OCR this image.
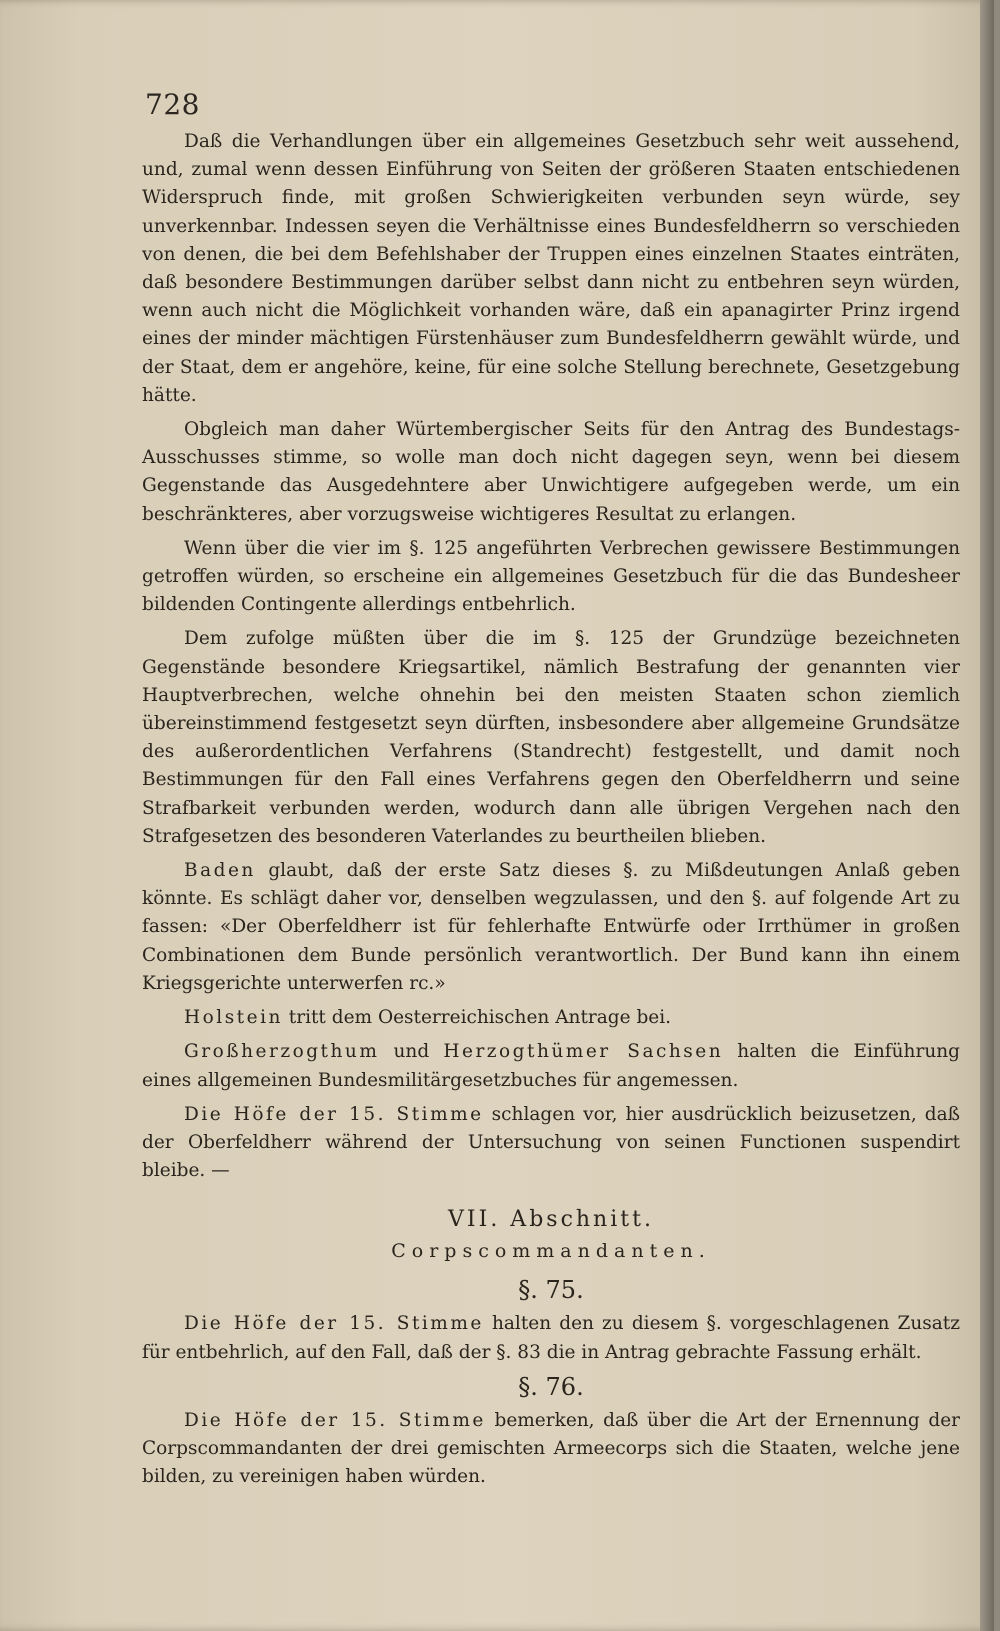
728

Daß die Verhandlungen über ein allgemeines Gesetzbuch sehr weit aussehend, und, zumal wenn dessen Einführung von Seiten der größeren Staaten entschiedenen Widerspruch finde, mit großen Schwierigkeiten verbunden seyn würde, sey unverkennbar. Indessen seyen die Verhältnisse eines Bundesfeldherrn so verschieden von denen, die bei dem Befehlshaber der Truppen eines einzelnen Staates einträten, daß besondere Bestimmungen darüber selbst dann nicht zu entbehren seyn würden, wenn auch nicht die Möglichkeit vorhanden wäre, daß ein apanagirter Prinz irgend eines der minder mächtigen Fürstenhäuser zum Bundesfeldherrn gewählt würde, und der Staat, dem er angehöre, keine, für eine solche Stellung berechnete, Gesetzgebung hätte.

Obgleich man daher Würtembergischer Seits für den Antrag des Bundestags-Ausschusses stimme, so wolle man doch nicht dagegen seyn, wenn bei diesem Gegenstande das Ausgedehntere aber Unwichtigere aufgegeben werde, um ein beschränkteres, aber vorzugsweise wichtigeres Resultat zu erlangen.

Wenn über die vier im §. 125 angeführten Verbrechen gewissere Bestimmungen getroffen würden, so erscheine ein allgemeines Gesetzbuch für die das Bundesheer bildenden Contingente allerdings entbehrlich.

Dem zufolge müßten über die im §. 125 der Grundzüge bezeichneten Gegenstände besondere Kriegsartikel, nämlich Bestrafung der genannten vier Hauptverbrechen, welche ohnehin bei den meisten Staaten schon ziemlich übereinstimmend festgesetzt seyn dürften, insbesondere aber allgemeine Grundsätze des außerordentlichen Verfahrens (Standrecht) festgestellt, und damit noch Bestimmungen für den Fall eines Verfahrens gegen den Oberfeldherrn und seine Strafbarkeit verbunden werden, wodurch dann alle übrigen Vergehen nach den Strafgesetzen des besonderen Vaterlandes zu beurtheilen blieben.

Baden glaubt, daß der erste Satz dieses §. zu Mißdeutungen Anlaß geben könnte. Es schlägt daher vor, denselben wegzulassen, und den §. auf folgende Art zu fassen: «Der Oberfeldherr ist für fehlerhafte Entwürfe oder Irrthümer in großen Combinationen dem Bunde persönlich verantwortlich. Der Bund kann ihn einem Kriegsgerichte unterwerfen rc.»

Holstein tritt dem Oesterreichischen Antrage bei.

Großherzogthum und Herzogthümer Sachsen halten die Einführung eines allgemeinen Bundesmilitärgesetzbuches für angemessen.

Die Höfe der 15. Stimme schlagen vor, hier ausdrücklich beizusetzen, daß der Oberfeldherr während der Untersuchung von seinen Functionen suspendirt bleibe. —

VII. Abschnitt.

Corpscommandanten.

§. 75.

Die Höfe der 15. Stimme halten den zu diesem §. vorgeschlagenen Zusatz für entbehrlich, auf den Fall, daß der §. 83 die in Antrag gebrachte Fassung erhält.

§. 76.

Die Höfe der 15. Stimme bemerken, daß über die Art der Ernennung der Corpscommandanten der drei gemischten Armeecorps sich die Staaten, welche jene bilden, zu vereinigen haben würden.
